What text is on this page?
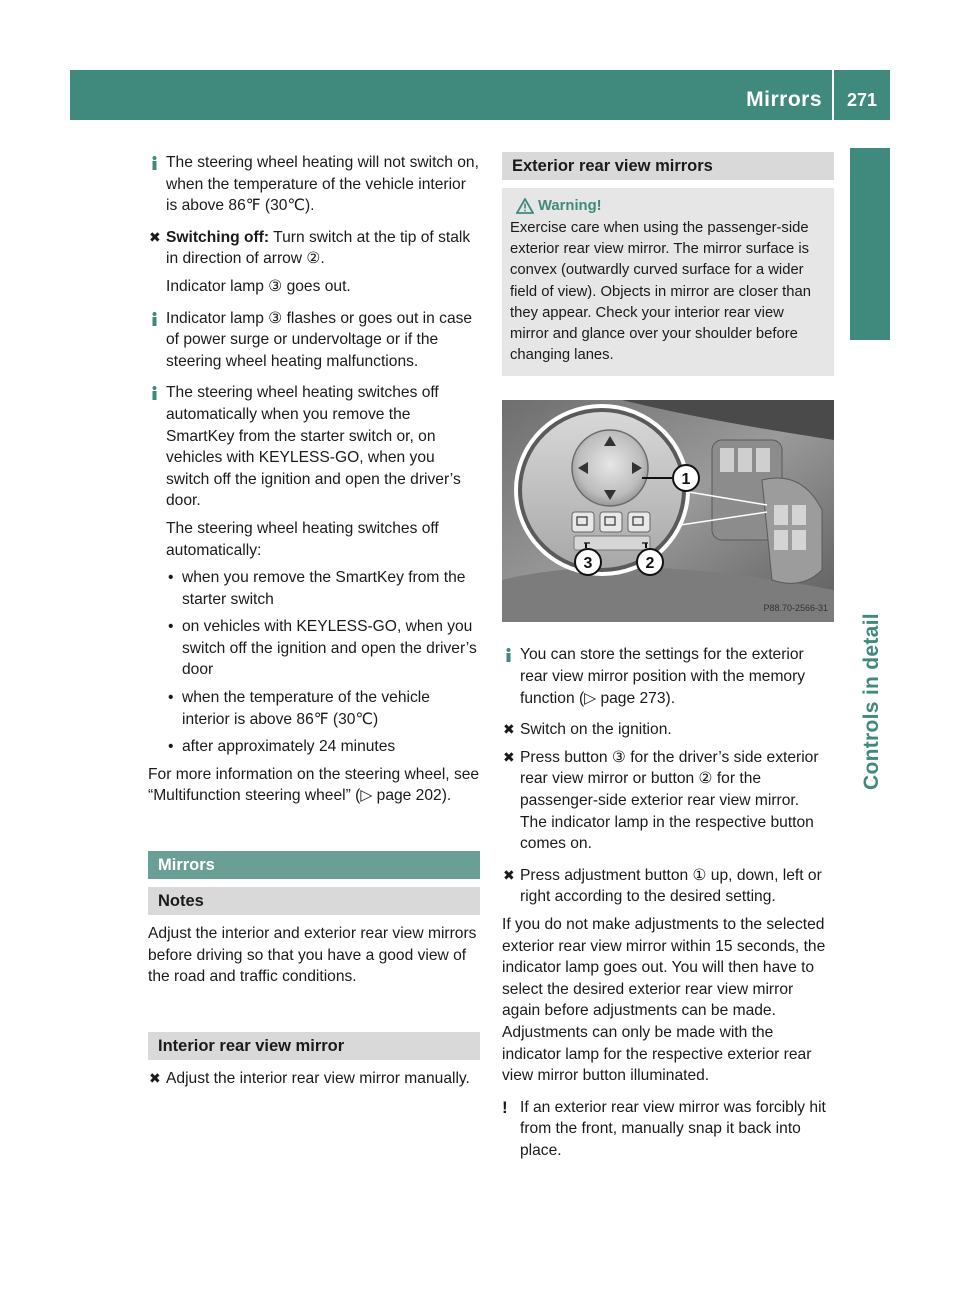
Mirrors	271
Controls in detail

The steering wheel heating will not switch on, when the temperature of the vehicle interior is above 86℉ (30℃).

✖ Switching off: Turn switch at the tip of stalk in direction of arrow ②.

Indicator lamp ③ goes out.

Indicator lamp ③ flashes or goes out in case of power surge or undervoltage or if the steering wheel heating malfunctions.

The steering wheel heating switches off automatically when you remove the SmartKey from the starter switch or, on vehicles with KEYLESS-GO, when you switch off the ignition and open the driver’s door.

The steering wheel heating switches off automatically:

• when you remove the SmartKey from the starter switch
• on vehicles with KEYLESS-GO, when you switch off the ignition and open the driver’s door
• when the temperature of the vehicle interior is above 86℉ (30℃)
• after approximately 24 minutes

For more information on the steering wheel, see “Multifunction steering wheel” (▷ page 202).

Mirrors
Notes

Adjust the interior and exterior rear view mirrors before driving so that you have a good view of the road and traffic conditions.

Interior rear view mirror

✖ Adjust the interior rear view mirror manually.

Exterior rear view mirrors
Warning!

Exercise care when using the passenger-side exterior rear view mirror. The mirror surface is convex (outwardly curved surface for a wider field of view). Objects in mirror are closer than they appear. Check your interior rear view mirror and glance over your shoulder before changing lanes.

1
2
3
P88.70-2566-31

You can store the settings for the exterior rear view mirror position with the memory function (▷ page 273).

✖ Switch on the ignition.

✖ Press button ③ for the driver’s side exterior rear view mirror or button ② for the passenger-side exterior rear view mirror.

The indicator lamp in the respective button comes on.

✖ Press adjustment button ① up, down, left or right according to the desired setting.

If you do not make adjustments to the selected exterior rear view mirror within 15 seconds, the indicator lamp goes out. You will then have to select the desired exterior rear view mirror again before adjustments can be made. Adjustments can only be made with the indicator lamp for the respective exterior rear view mirror button illuminated.

! If an exterior rear view mirror was forcibly hit from the front, manually snap it back into place.
